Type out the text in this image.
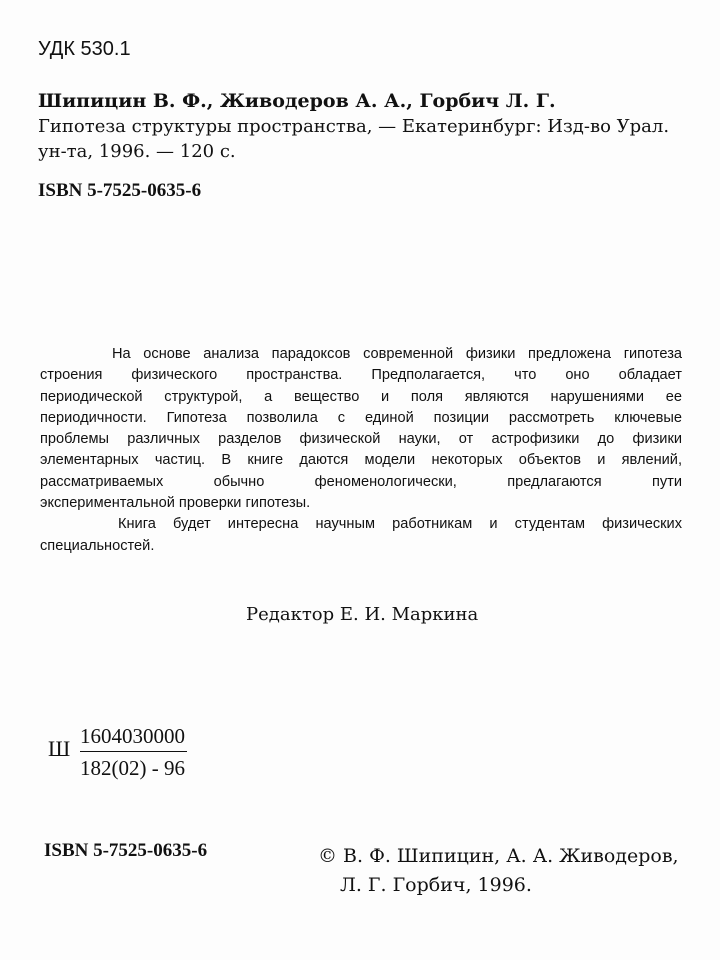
УДК 530.1
Шипицин В. Ф., Живодеров А. А., Горбич Л. Г.
Гипотеза структуры пространства, — Екатеринбург: Изд-во Урал.
ун-та, 1996. — 120 с.
ISBN 5-7525-0635-6
На основе анализа парадоксов современной физики предложена гипотеза
строения физического пространства. Предполагается, что оно обладает
периодической структурой, а вещество и поля являются нарушениями ее
периодичности. Гипотеза позволила с единой позиции рассмотреть ключевые
проблемы различных разделов физической науки, от астрофизики до физики
элементарных частиц. В книге даются модели некоторых объектов и явлений,
рассматриваемых обычно феноменологически, предлагаются пути
экспериментальной проверки гипотезы.
Книга будет интересна научным работникам и студентам физических
специальностей.
Редактор Е. И. Маркина
Ш $\frac{1604030000}{182(02) - 96}$
ISBN 5-7525-0635-6	© В. Ф. Шипицин, А. А. Живодеров,
Л. Г. Горбич, 1996.
